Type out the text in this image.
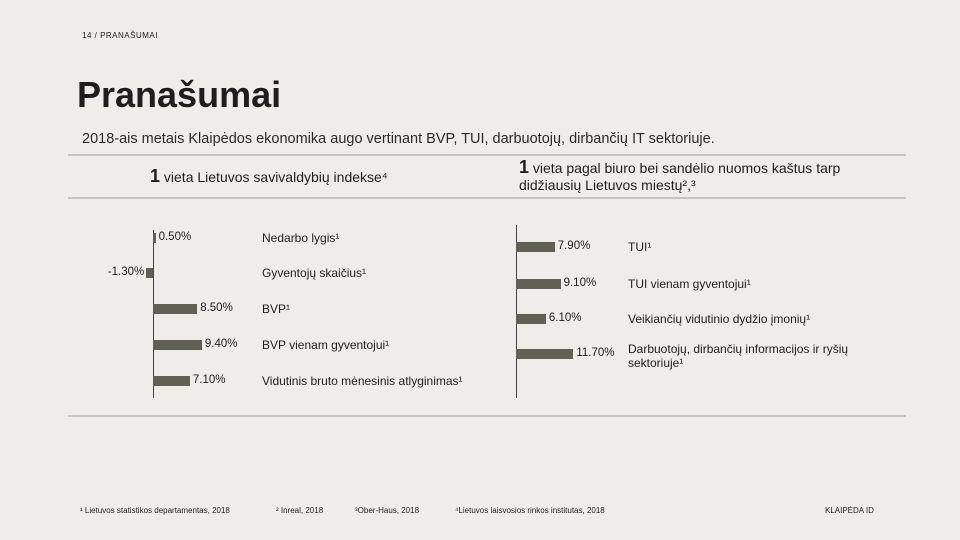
14 / PRANAŠUMAI
Pranašumai
2018-ais metais Klaipėdos ekonomika augo vertinant BVP, TUI, darbuotojų, dirbančių IT sektoriuje.
1 vieta Lietuvos savivaldybių indekse⁴	1 vieta pagal biuro bei sandėlio nuomos kaštus tarp didžiausių Lietuvos miestų²,³
0.50%	Nedarbo lygis¹
-1.30%	Gyventojų skaičius¹
8.50% BVP¹
9.40% BVP vienam gyventojui¹
7.10%	Vidutinis bruto mėnesinis atlyginimas¹
7.90%	TUI¹
9.10%	TUI vienam gyventojui¹
6.10%	Veikiančių vidutinio dydžio įmonių¹
11.70% Darbuotojų, dirbančių informacijos ir ryšių sektoriuje¹
¹ Lietuvos statistikos departamentas, 2018	² Inreal, 2018	³Ober-Haus, 2018	⁴Lietuvos laisvosios rinkos institutas, 2018	KLAIPĖDA ID
